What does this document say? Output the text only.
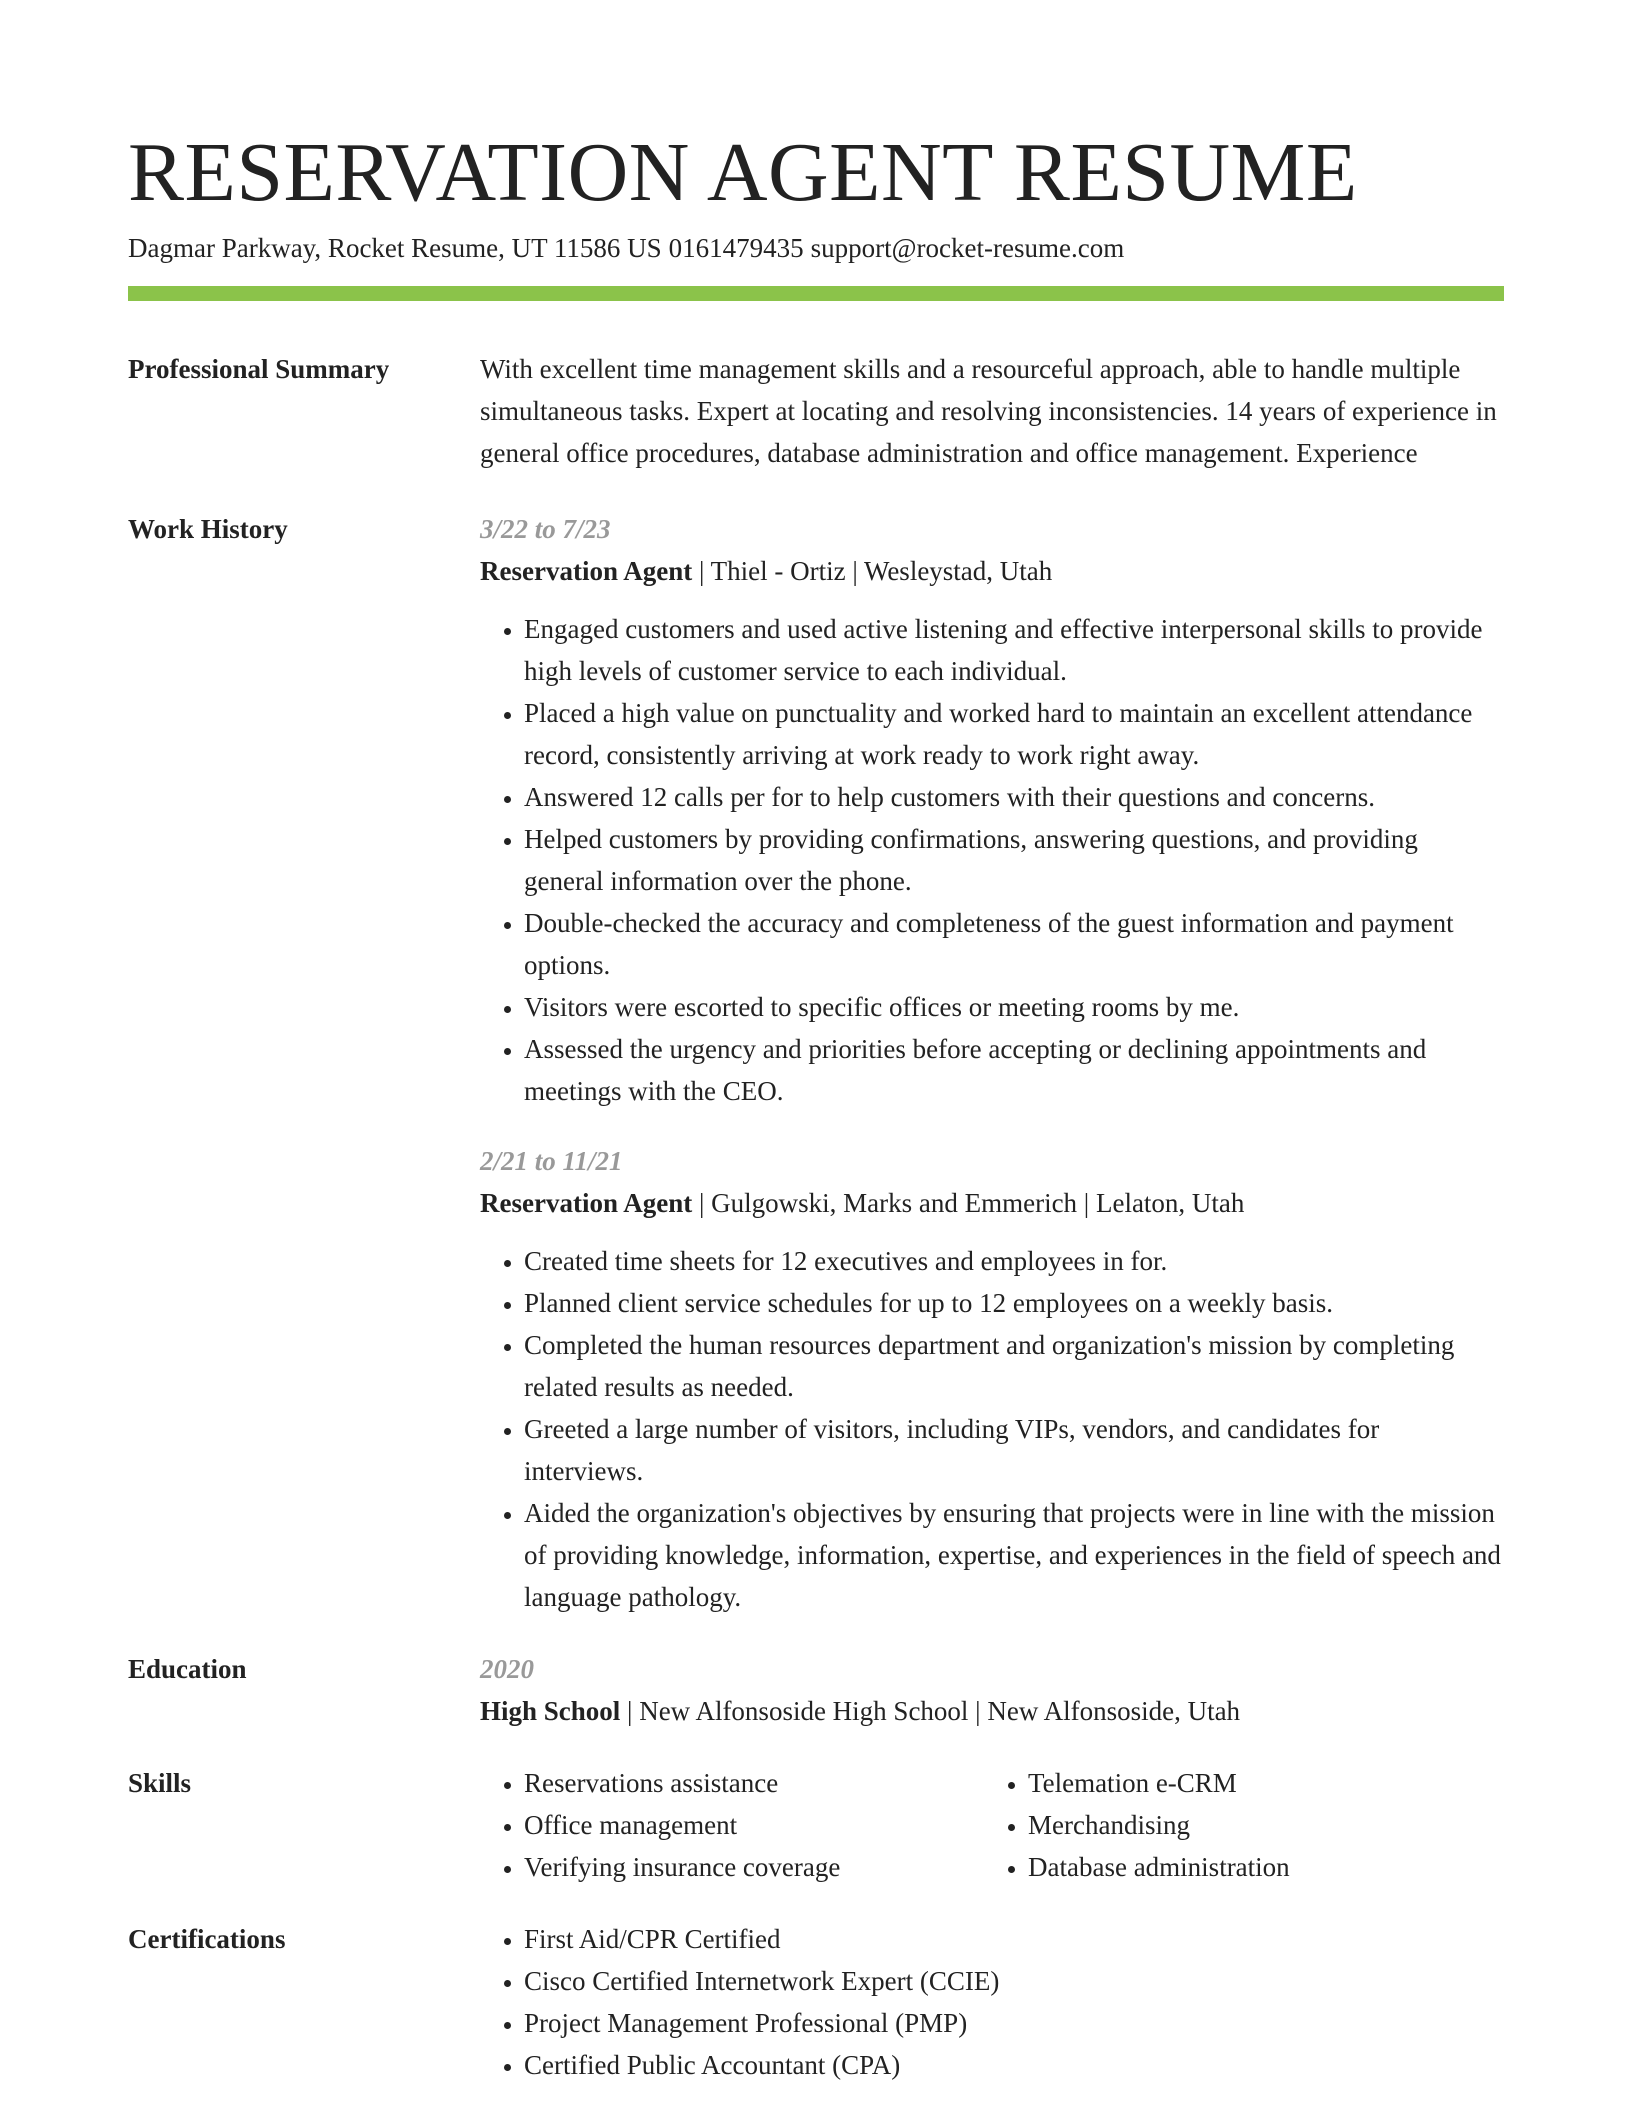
RESERVATION AGENT RESUME
Dagmar Parkway, Rocket Resume, UT 11586 US 0161479435 support@rocket-resume.com
Professional Summary	With excellent time management skills and a resourceful approach, able to handle multiple simultaneous tasks. Expert at locating and resolving inconsistencies. 14 years of experience in general office procedures, database administration and office management. Experience

Work History	3/22 to 7/23
Reservation Agent | Thiel - Ortiz | Wesleystad, Utah
• Engaged customers and used active listening and effective interpersonal skills to provide high levels of customer service to each individual.
• Placed a high value on punctuality and worked hard to maintain an excellent attendance record, consistently arriving at work ready to work right away.
• Answered 12 calls per for to help customers with their questions and concerns.
• Helped customers by providing confirmations, answering questions, and providing general information over the phone.
• Double-checked the accuracy and completeness of the guest information and payment options.
• Visitors were escorted to specific offices or meeting rooms by me.
• Assessed the urgency and priorities before accepting or declining appointments and meetings with the CEO.
2/21 to 11/21
Reservation Agent | Gulgowski, Marks and Emmerich | Lelaton, Utah
• Created time sheets for 12 executives and employees in for.
• Planned client service schedules for up to 12 employees on a weekly basis.
• Completed the human resources department and organization's mission by completing related results as needed.
• Greeted a large number of visitors, including VIPs, vendors, and candidates for interviews.
• Aided the organization's objectives by ensuring that projects were in line with the mission of providing knowledge, information, expertise, and experiences in the field of speech and language pathology.
Education	2020
High School | New Alfonsoside High School | New Alfonsoside, Utah
Skills	• Reservations assistance
• Office management
• Verifying insurance coverage
• Telemation e-CRM
• Merchandising
• Database administration
Certifications	• First Aid/CPR Certified
• Cisco Certified Internetwork Expert (CCIE)
• Project Management Professional (PMP)
• Certified Public Accountant (CPA)
